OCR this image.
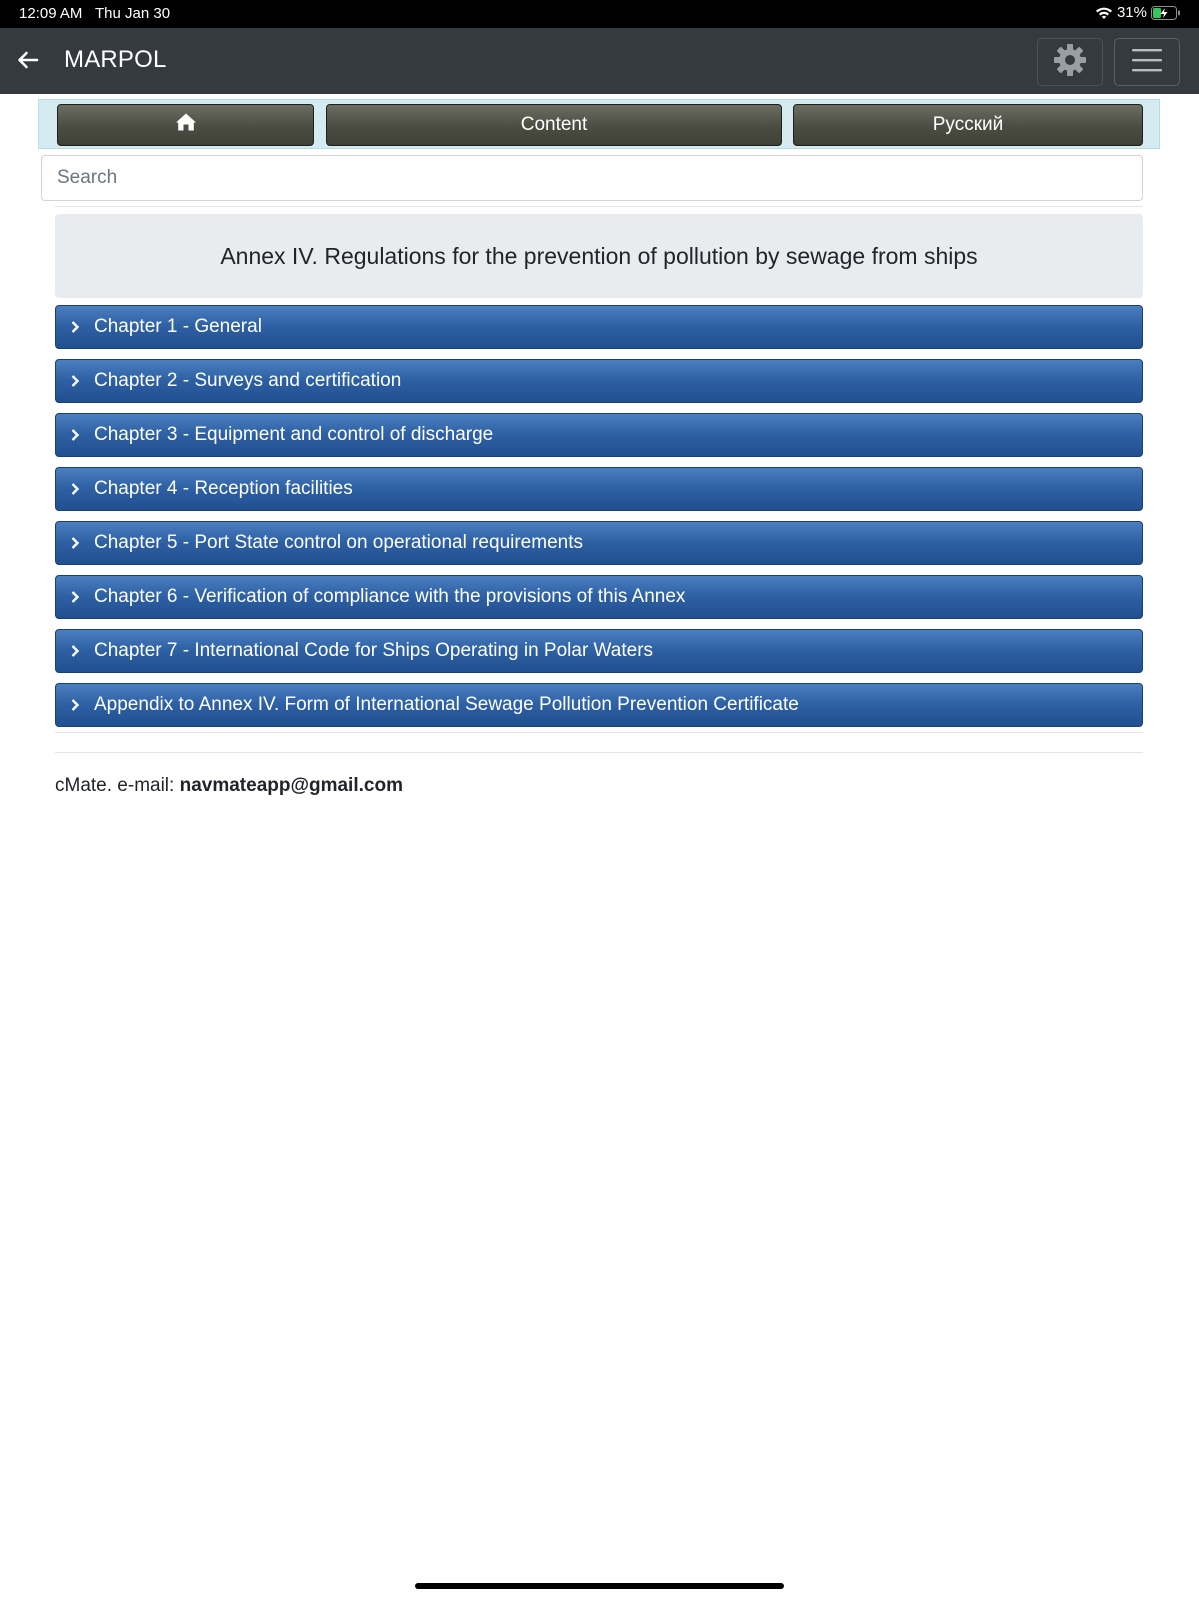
12:09 AM Thu Jan 30	31%
MARPOL
Content	Русский
Search
Annex IV. Regulations for the prevention of pollution by sewage from ships
Chapter 1 - General
Chapter 2 - Surveys and certification
Chapter 3 - Equipment and control of discharge
Chapter 4 - Reception facilities
Chapter 5 - Port State control on operational requirements
Chapter 6 - Verification of compliance with the provisions of this Annex
Chapter 7 - International Code for Ships Operating in Polar Waters
Appendix to Annex IV. Form of International Sewage Pollution Prevention Certificate
cMate. e-mail: navmateapp@gmail.com
